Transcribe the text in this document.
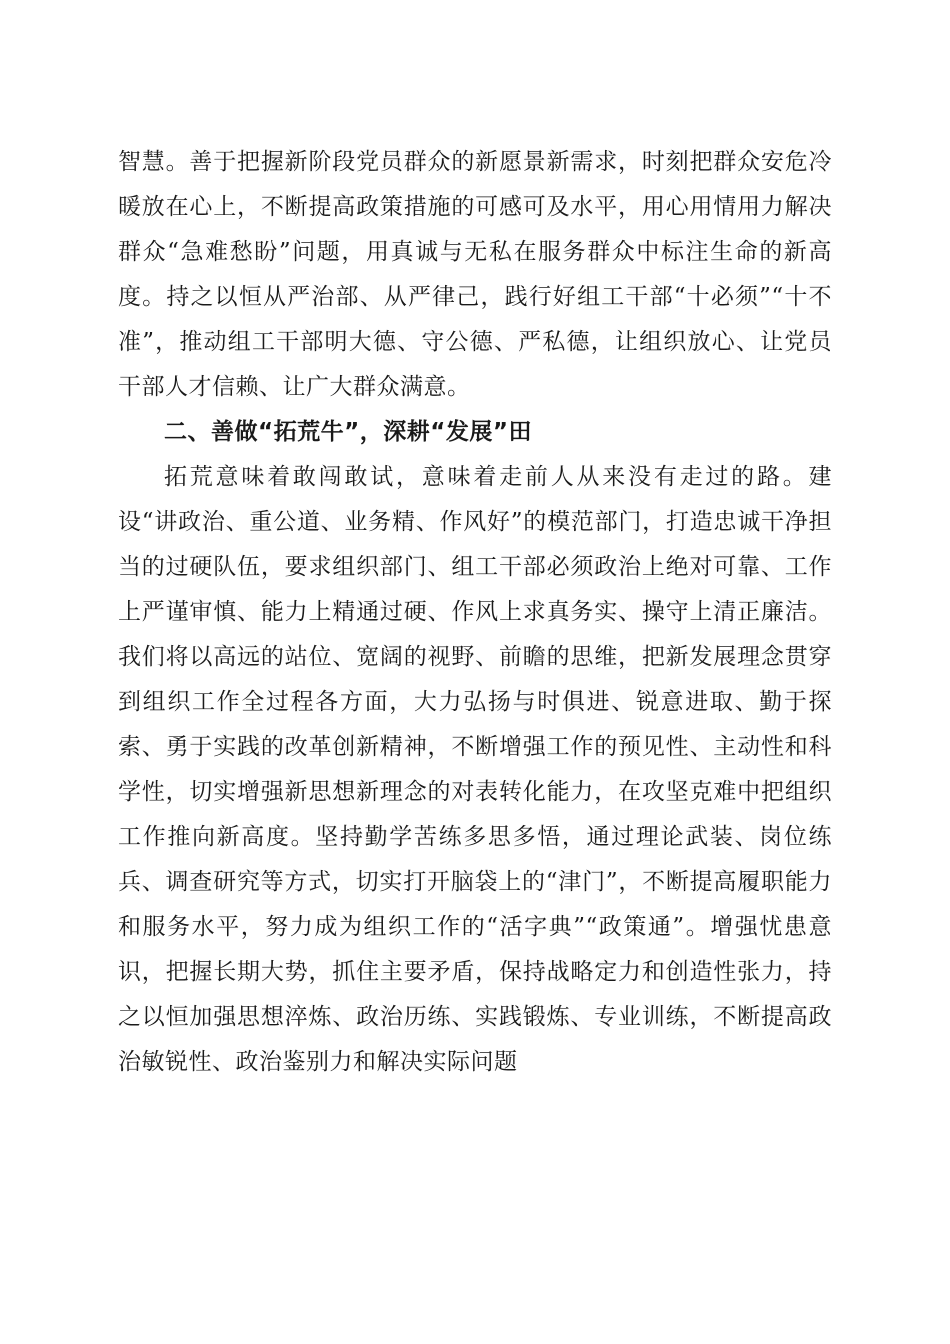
智慧。善于把握新阶段党员群众的新愿景新需求，时刻把群众安危冷暖放在心上，不断提高政策措施的可感可及水平，用心用情用力解决群众“急难愁盼”问题，用真诚与无私在服务群众中标注生命的新高度。持之以恒从严治部、从严律己，践行好组工干部“十必须”“十不准”，推动组工干部明大德、守公德、严私德，让组织放心、让党员干部人才信赖、让广大群众满意。

二、善做“拓荒牛”，深耕“发展”田

拓荒意味着敢闯敢试，意味着走前人从来没有走过的路。建设“讲政治、重公道、业务精、作风好”的模范部门，打造忠诚干净担当的过硬队伍，要求组织部门、组工干部必须政治上绝对可靠、工作上严谨审慎、能力上精通过硬、作风上求真务实、操守上清正廉洁。我们将以高远的站位、宽阔的视野、前瞻的思维，把新发展理念贯穿到组织工作全过程各方面，大力弘扬与时俱进、锐意进取、勤于探索、勇于实践的改革创新精神，不断增强工作的预见性、主动性和科学性，切实增强新思想新理念的对表转化能力，在攻坚克难中把组织工作推向新高度。坚持勤学苦练多思多悟，通过理论武装、岗位练兵、调查研究等方式，切实打开脑袋上的“津门”，不断提高履职能力和服务水平，努力成为组织工作的“活字典”“政策通”。增强忧患意识，把握长期大势，抓住主要矛盾，保持战略定力和创造性张力，持之以恒加强思想淬炼、政治历练、实践锻炼、专业训练，不断提高政治敏锐性、政治鉴别力和解决实际问题
